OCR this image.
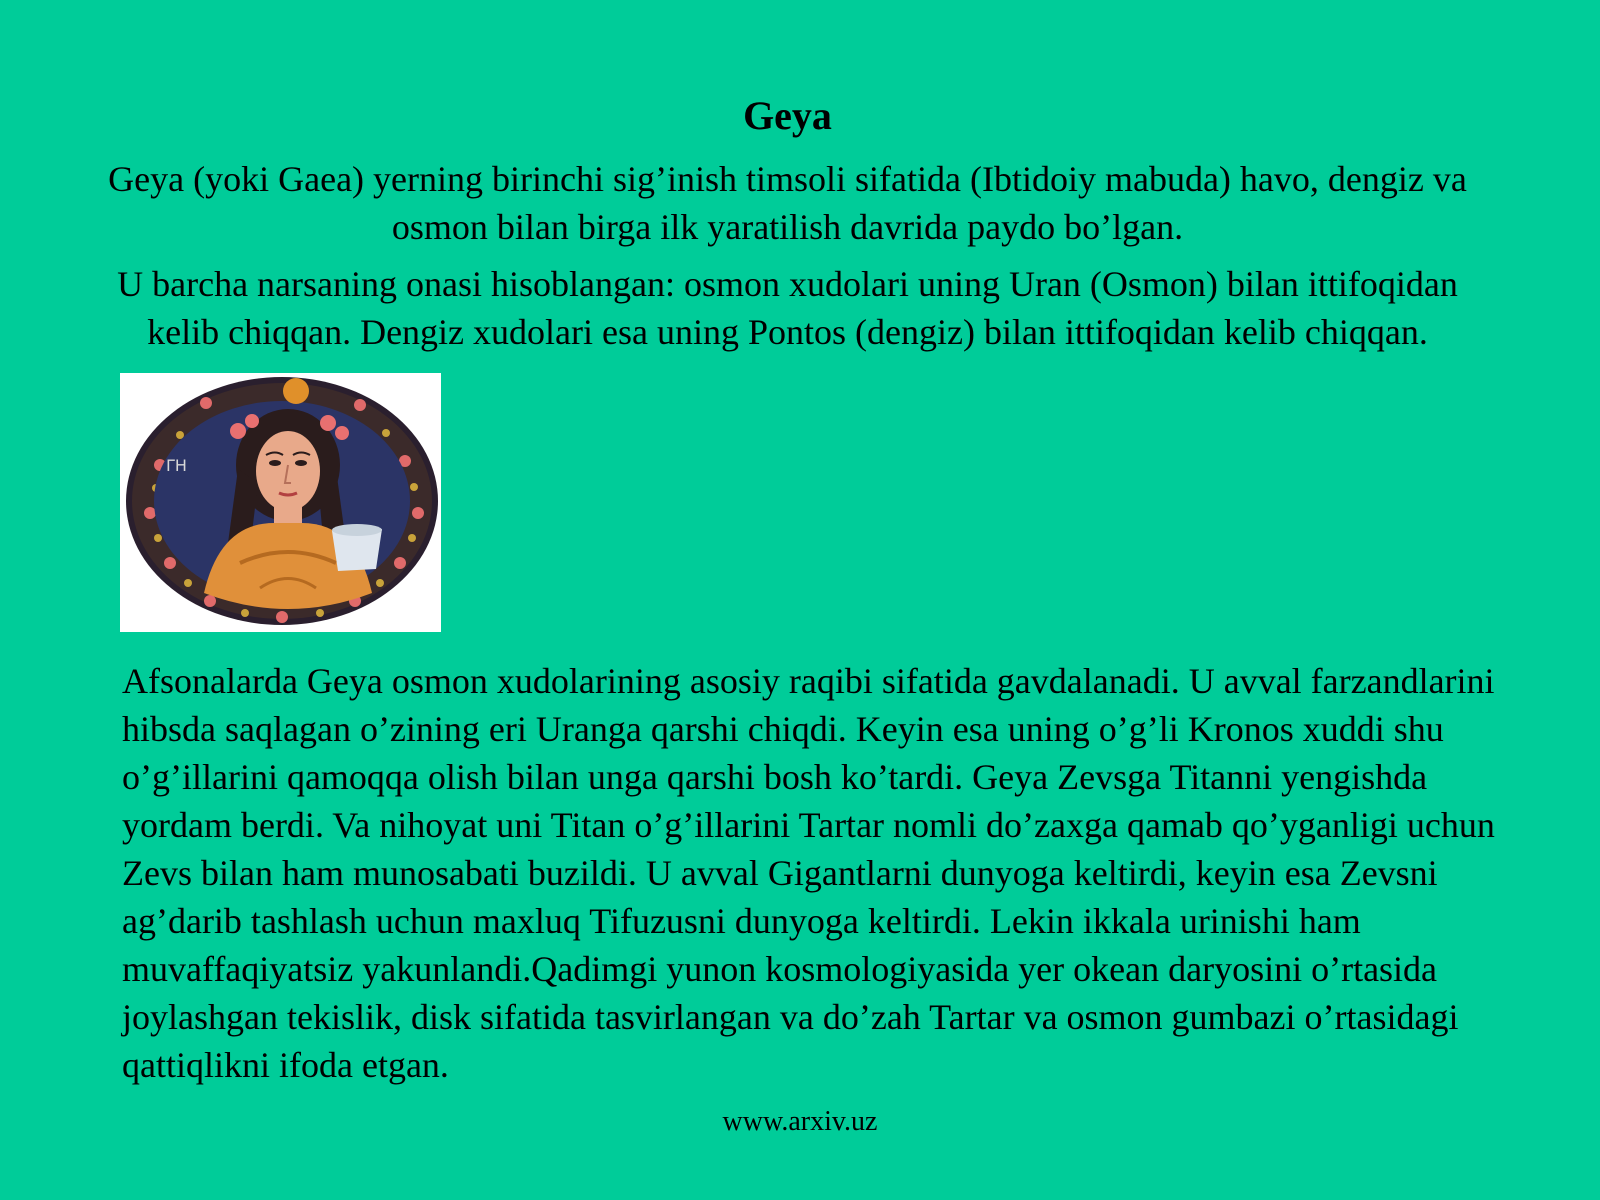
Geya

Geya (yoki Gaea) yerning birinchi sig’inish timsoli sifatida (Ibtidoiy mabuda) havo, dengiz va osmon bilan birga ilk yaratilish davrida paydo bo’lgan.

U barcha narsaning onasi hisoblangan: osmon xudolari uning Uran (Osmon) bilan ittifoqidan kelib chiqqan. Dengiz xudolari esa uning Pontos (dengiz) bilan ittifoqidan kelib chiqqan.

ΓΗ

Afsonalarda Geya osmon xudolarining asosiy raqibi sifatida gavdalanadi. U avval farzandlarini hibsda saqlagan o’zining eri Uranga qarshi chiqdi. Keyin esa uning o’g’li Kronos xuddi shu o’g’illarini qamoqqa olish bilan unga qarshi bosh ko’tardi. Geya Zevsga Titanni yengishda yordam berdi. Va nihoyat uni Titan o’g’illarini Tartar nomli do’zaxga qamab qo’yganligi uchun Zevs bilan ham munosabati buzildi. U avval Gigantlarni dunyoga keltirdi, keyin esa Zevsni ag’darib tashlash uchun maxluq Tifuzusni dunyoga keltirdi. Lekin ikkala urinishi ham muvaffaqiyatsiz yakunlandi.Qadimgi yunon kosmologiyasida yer okean daryosini o’rtasida joylashgan tekislik, disk sifatida tasvirlangan va do’zah Tartar va osmon gumbazi o’rtasidagi qattiqlikni ifoda etgan.

www.arxiv.uz
